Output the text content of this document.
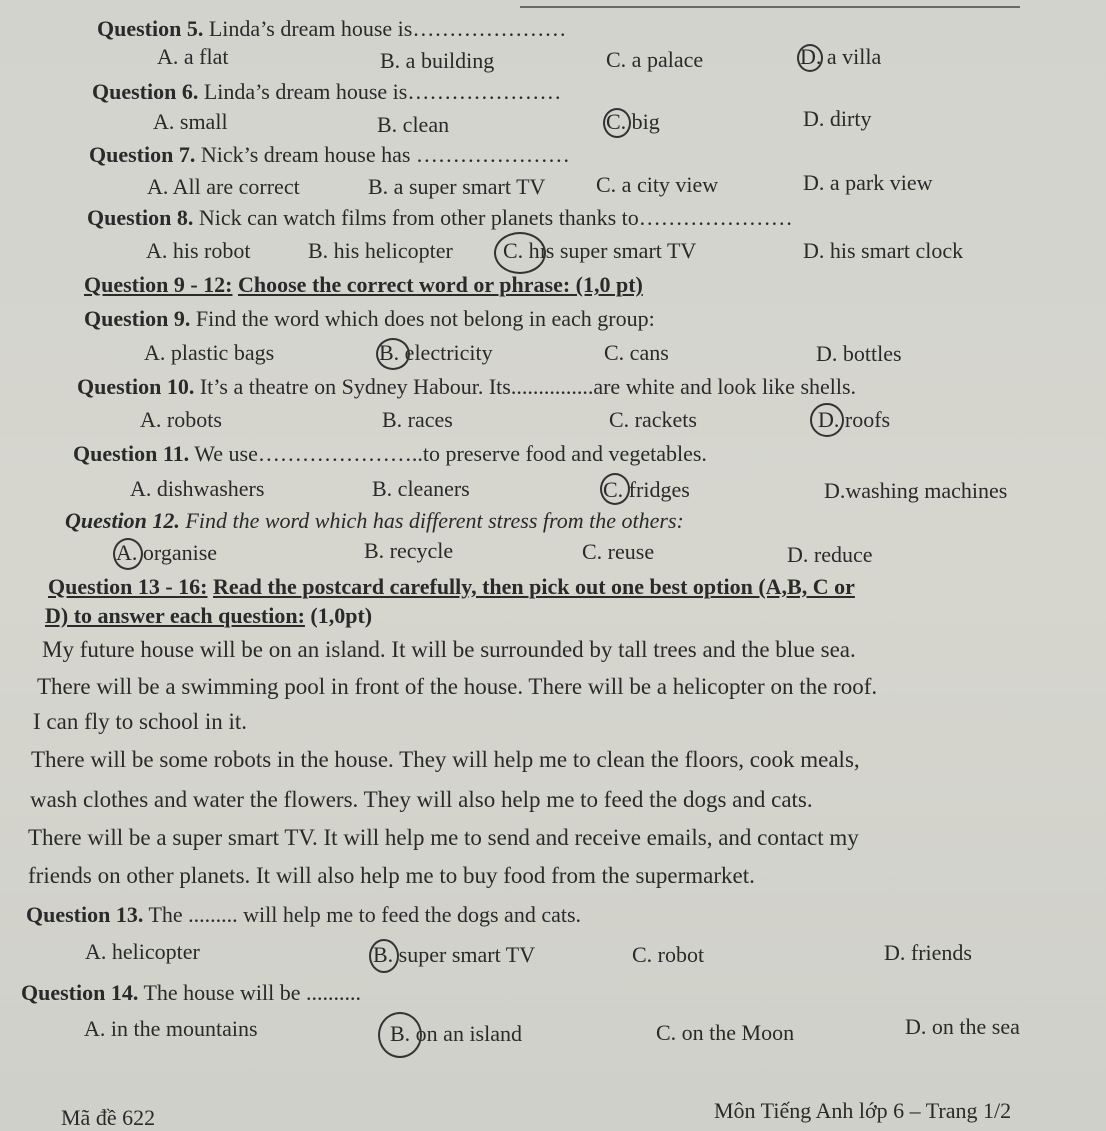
Question 5. Linda’s dream house is…………………
A. a flat	B. a building	C. a palace	D. a villa
Question 6. Linda’s dream house is…………………
A. small	B. clean	C. big	D. dirty
Question 7. Nick’s dream house has …………………
A. All are correct	B. a super smart TV C. a city view	D. a park view
Question 8. Nick can watch films from other planets thanks to…………………
A. his robot	B. his helicopter C. his super smart TV	D. his smart clock
Question 9 - 12: Choose the correct word or phrase: (1,0 pt)
Question 9. Find the word which does not belong in each group:
A. plastic bags	B. electricity	C. cans	D. bottles
Question 10. It’s a theatre on Sydney Habour. Its...............are white and look like shells.
A. robots	B. races	C. rackets	D. roofs
Question 11. We use…………………..to preserve food and vegetables.
A. dishwashers	B. cleaners	C. fridges	D.washing machines
Question 12. Find the word which has different stress from the others:
A. organise	B. recycle	C. reuse	D. reduce
Question 13 - 16: Read the postcard carefully, then pick out one best option (A,B, C or
D) to answer each question: (1,0pt)
My future house will be on an island. It will be surrounded by tall trees and the blue sea.
There will be a swimming pool in front of the house. There will be a helicopter on the roof.
I can fly to school in it.
There will be some robots in the house. They will help me to clean the floors, cook meals,
wash clothes and water the flowers. They will also help me to feed the dogs and cats.
There will be a super smart TV. It will help me to send and receive emails, and contact my
friends on other planets. It will also help me to buy food from the supermarket.
Question 13. The ......... will help me to feed the dogs and cats.
A. helicopter	B. super smart TV	C. robot	D. friends
Question 14. The house will be ..........
A. in the mountains	B. on an island	C. on the Moon	D. on the sea
Mã đề 622	Môn Tiếng Anh lớp 6 – Trang 1/2
